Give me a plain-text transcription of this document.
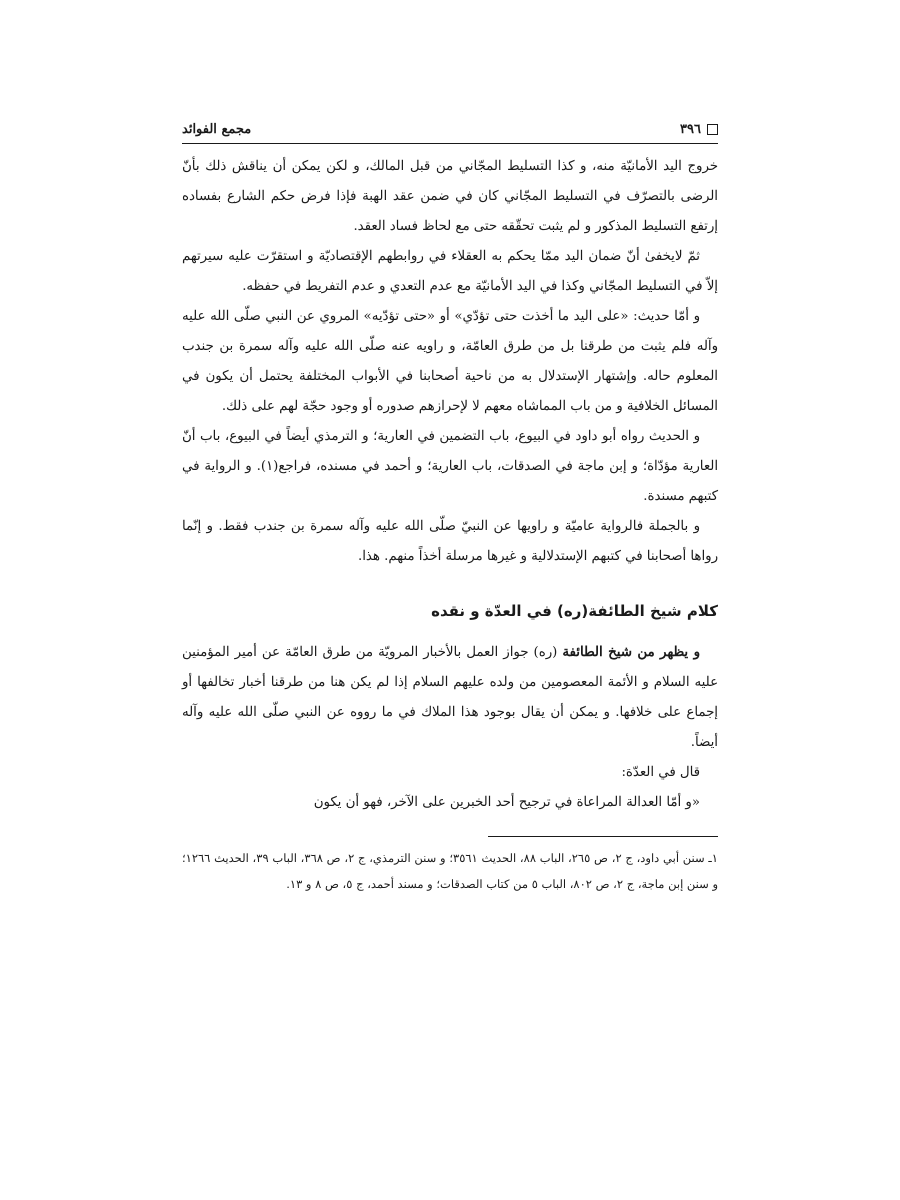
٣٩٦
مجمع الفوائد

خروج اليد الأمانيّة منه، و كذا التسليط المجّاني من قبل المالك، و لكن يمكن أن يناقش ذلك بأنّ الرضى بالتصرّف في التسليط المجّاني كان في ضمن عقد الهبة فإذا فرض حكم الشارع بفساده إرتفع التسليط المذكور و لم يثبت تحقّقه حتى مع لحاظ فساد العقد.

ثمّ لايخفىٰ أنّ ضمان اليد ممّا يحكم به العقلاء في روابطهم الإقتصاديّة و استقرّت عليه سيرتهم إلاّ في التسليط المجّاني وكذا في اليد الأمانيّة مع عدم التعدي و عدم التفريط في حفظه.

و أمّا حديث: «على اليد ما أخذت حتى تؤدّي» أو «حتى تؤدّيه» المروي عن النبي صلّى الله عليه وآله فلم يثبت من طرقنا بل من طرق العامّة، و راويه عنه صلّى الله عليه وآله سمرة بن جندب المعلوم حاله. وإشتهار الإستدلال به من ناحية أصحابنا في الأبواب المختلفة يحتمل أن يكون في المسائل الخلافية و من باب المماشاه معهم لا لإحرازهم صدوره أو وجود حجّة لهم على ذلك.

و الحديث رواه أبو داود في البيوع، باب التضمين في العارية؛ و الترمذي أيضاً في البيوع، باب أنّ العارية مؤدّاة؛ و إبن ماجة في الصدقات، باب العارية؛ و أحمد في مسنده، فراجع(١). و الرواية في كتبهم مسندة.

و بالجملة فالرواية عاميّة و راويها عن النبيّ صلّى الله عليه وآله سمرة بن جندب فقط. و إنّما رواها أصحابنا في كتبهم الإستدلالية و غيرها مرسلة أخذاً منهم. هذا.

كلام شيخ الطائفة(ره) في العدّة و نقده

و يظهر من شيخ الطائفة (ره) جواز العمل بالأخبار المرويّة من طرق العامّة عن أمير المؤمنين عليه السلام و الأئمة المعصومين من ولده عليهم السلام إذا لم يكن هنا من طرقنا أخبار تخالفها أو إجماع على خلافها. و يمكن أن يقال بوجود هذا الملاك في ما رووه عن النبي صلّى الله عليه وآله أيضاً.

قال في العدّة:

«و أمّا العدالة المراعاة في ترجيح أحد الخبرين على الآخر، فهو أن يكون

١ـ سنن أبي داود، ج ٢، ص ٢٦٥، الباب ٨٨، الحديث ٣٥٦١؛ و سنن الترمذي، ج ٢، ص ٣٦٨، الباب ٣٩، الحديث ١٢٦٦؛ و سنن إبن ماجة، ج ٢، ص ٨٠٢، الباب ٥ من كتاب الصدقات؛ و مسند أحمد، ج ٥، ص ٨ و ١٣.
